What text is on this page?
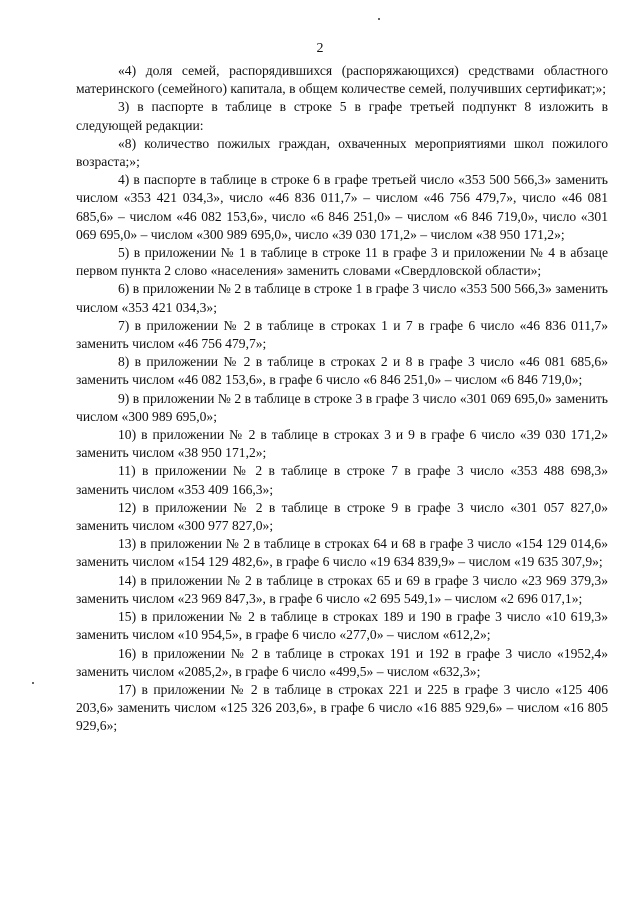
2

«4) доля семей, распорядившихся (распоряжающихся) средствами областного материнского (семейного) капитала, в общем количестве семей, получивших сертификат;»;

3) в паспорте в таблице в строке 5 в графе третьей подпункт 8 изложить в следующей редакции:

«8) количество пожилых граждан, охваченных мероприятиями школ пожилого возраста;»;

4) в паспорте в таблице в строке 6 в графе третьей число «353 500 566,3» заменить числом «353 421 034,3», число «46 836 011,7» – числом «46 756 479,7», число «46 081 685,6» – числом «46 082 153,6», число «6 846 251,0» – числом «6 846 719,0», число «301 069 695,0» – числом «300 989 695,0», число «39 030 171,2» – числом «38 950 171,2»;

5) в приложении № 1 в таблице в строке 11 в графе 3 и приложении № 4 в абзаце первом пункта 2 слово «населения» заменить словами «Свердловской области»;

6) в приложении № 2 в таблице в строке 1 в графе 3 число «353 500 566,3» заменить числом «353 421 034,3»;

7) в приложении № 2 в таблице в строках 1 и 7 в графе 6 число «46 836 011,7» заменить числом «46 756 479,7»;

8) в приложении № 2 в таблице в строках 2 и 8 в графе 3 число «46 081 685,6» заменить числом «46 082 153,6», в графе 6 число «6 846 251,0» – числом «6 846 719,0»;

9) в приложении № 2 в таблице в строке 3 в графе 3 число «301 069 695,0» заменить числом «300 989 695,0»;

10) в приложении № 2 в таблице в строках 3 и 9 в графе 6 число «39 030 171,2» заменить числом «38 950 171,2»;

11) в приложении № 2 в таблице в строке 7 в графе 3 число «353 488 698,3» заменить числом «353 409 166,3»;

12) в приложении № 2 в таблице в строке 9 в графе 3 число «301 057 827,0» заменить числом «300 977 827,0»;

13) в приложении № 2 в таблице в строках 64 и 68 в графе 3 число «154 129 014,6» заменить числом «154 129 482,6», в графе 6 число «19 634 839,9» – числом «19 635 307,9»;

14) в приложении № 2 в таблице в строках 65 и 69 в графе 3 число «23 969 379,3» заменить числом «23 969 847,3», в графе 6 число «2 695 549,1» – числом «2 696 017,1»;

15) в приложении № 2 в таблице в строках 189 и 190 в графе 3 число «10 619,3» заменить числом «10 954,5», в графе 6 число «277,0» – числом «612,2»;

16) в приложении № 2 в таблице в строках 191 и 192 в графе 3 число «1952,4» заменить числом «2085,2», в графе 6 число «499,5» – числом «632,3»;

17) в приложении № 2 в таблице в строках 221 и 225 в графе 3 число «125 406 203,6» заменить числом «125 326 203,6», в графе 6 число «16 885 929,6» – числом «16 805 929,6»;
